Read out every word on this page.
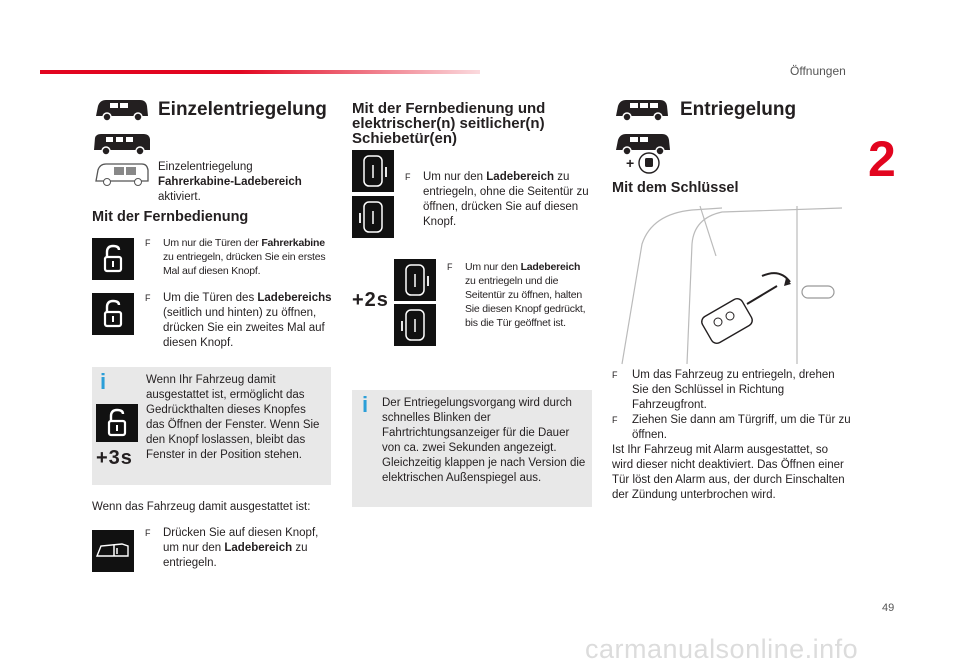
Öffnungen
2
49
carmanualsonline.info
Einzelentriegelung
Einzelentriegelung Fahrerkabine-Ladebereich aktiviert.
Mit der Fernbedienung
F	Um nur die Türen der Fahrerkabine zu entriegeln, drücken Sie ein erstes Mal auf diesen Knopf.
F	Um die Türen des Ladebereichs (seitlich und hinten) zu öffnen, drücken Sie ein zweites Mal auf diesen Knopf.
i
+3s
Wenn Ihr Fahrzeug damit ausgestattet ist, ermöglicht das Gedrückthalten dieses Knopfes das Öffnen der Fenster. Wenn Sie den Knopf loslassen, bleibt das Fenster in der Position stehen.
Wenn das Fahrzeug damit ausgestattet ist:
F	Drücken Sie auf diesen Knopf, um nur den Ladebereich zu entriegeln.
Mit der Fernbedienung und elektrischer(n) seitlicher(n) Schiebetür(en)
F	Um nur den Ladebereich zu entriegeln, ohne die Seitentür zu öffnen, drücken Sie auf diesen Knopf.
+2s
F	Um nur den Ladebereich zu entriegeln und die Seitentür zu öffnen, halten Sie diesen Knopf gedrückt, bis die Tür geöffnet ist.
i Der Entriegelungsvorgang wird durch schnelles Blinken der Fahrtrichtungsanzeiger für die Dauer von ca. zwei Sekunden angezeigt. Gleichzeitig klappen je nach Version die elektrischen Außenspiegel aus.
Entriegelung
+
Mit dem Schlüssel
F	Um das Fahrzeug zu entriegeln, drehen Sie den Schlüssel in Richtung Fahrzeugfront.
F	Ziehen Sie dann am Türgriff, um die Tür zu öffnen.
Ist Ihr Fahrzeug mit Alarm ausgestattet, so wird dieser nicht deaktiviert. Das Öffnen einer Tür löst den Alarm aus, der durch Einschalten der Zündung unterbrochen wird.
